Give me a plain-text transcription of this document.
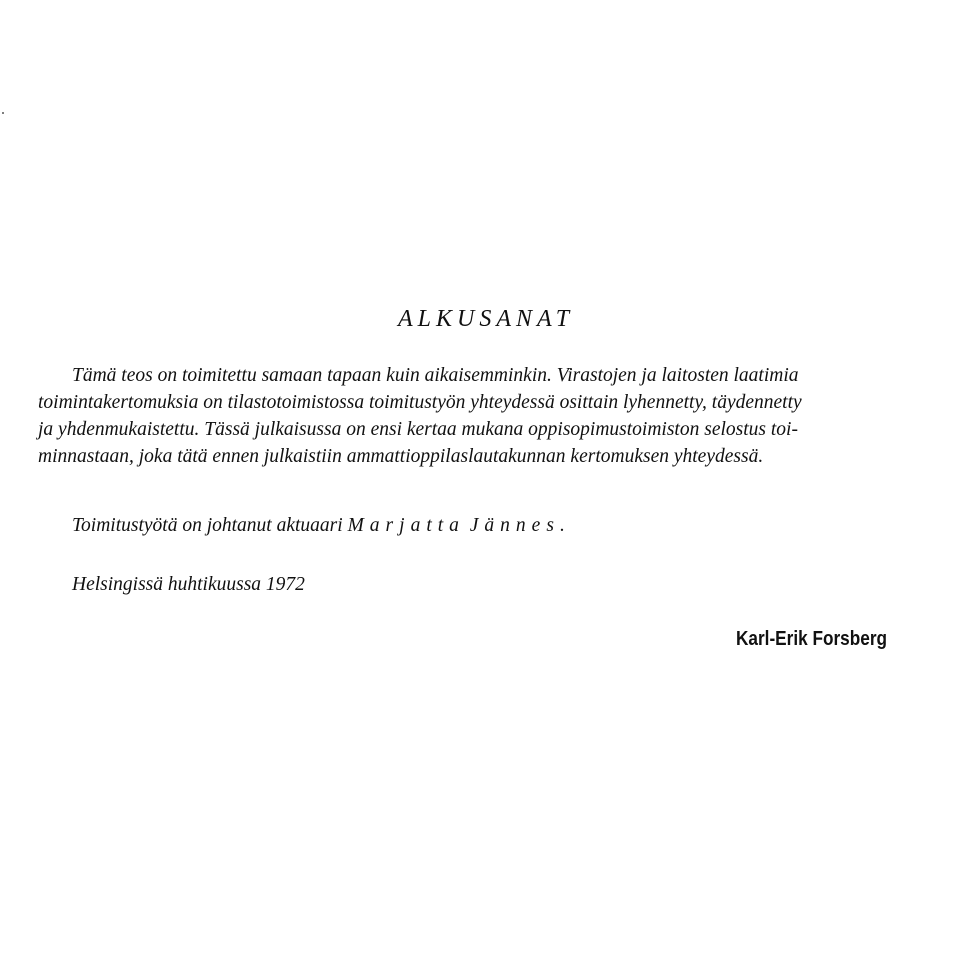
ALKUSANAT

Tämä teos on toimitettu samaan tapaan kuin aikaisemminkin. Virastojen ja laitosten laatimia
toimintakertomuksia on tilastotoimistossa toimitustyön yhteydessä osittain lyhennetty, täydennetty
ja yhdenmukaistettu. Tässä julkaisussa on ensi kertaa mukana oppisopimustoimiston selostus toi-
minnastaan, joka tätä ennen julkaistiin ammattioppilaslautakunnan kertomuksen yhteydessä.

Toimitustyötä on johtanut aktuaari Marjatta Jännes.

Helsingissä huhtikuussa 1972

Karl-Erik Forsberg
